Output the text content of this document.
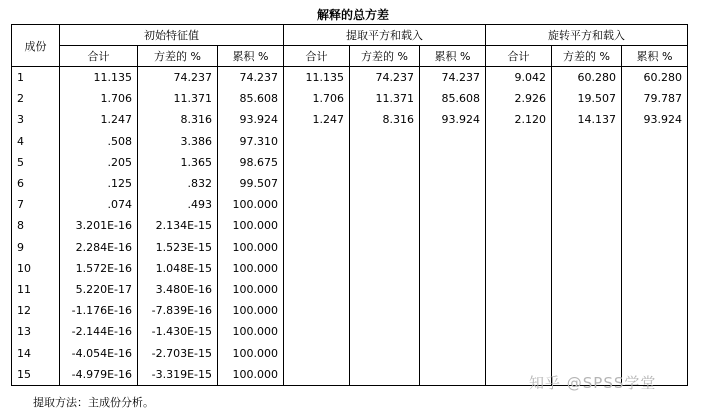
解释的总方差
成份	初始特征值			提取平方和载入			旋转平方和载入		
	合计	方差的 %	累积 %	合计	方差的 %	累积 %	合计	方差的 %	累积 %
1	11.135	74.237	74.237	11.135	74.237	74.237	9.042	60.280	60.280
2	1.706	11.371	85.608	1.706	11.371	85.608	2.926	19.507	79.787
3	1.247	8.316	93.924	1.247	8.316	93.924	2.120	14.137	93.924
4	.508	3.386	97.310						
5	.205	1.365	98.675						
6	.125	.832	99.507						
7	.074	.493	100.000						
8	3.201E-16	2.134E-15	100.000						
9	2.284E-16	1.523E-15	100.000						
10	1.572E-16	1.048E-15	100.000						
11	5.220E-17	3.480E-16	100.000						
12	-1.176E-16	-7.839E-16	100.000						
13	-2.144E-16	-1.430E-15	100.000						
14	-4.054E-16	-2.703E-15	100.000						
15	-4.979E-16	-3.319E-15	100.000						
提取方法：主成份分析。
知乎 @SPSS学堂
